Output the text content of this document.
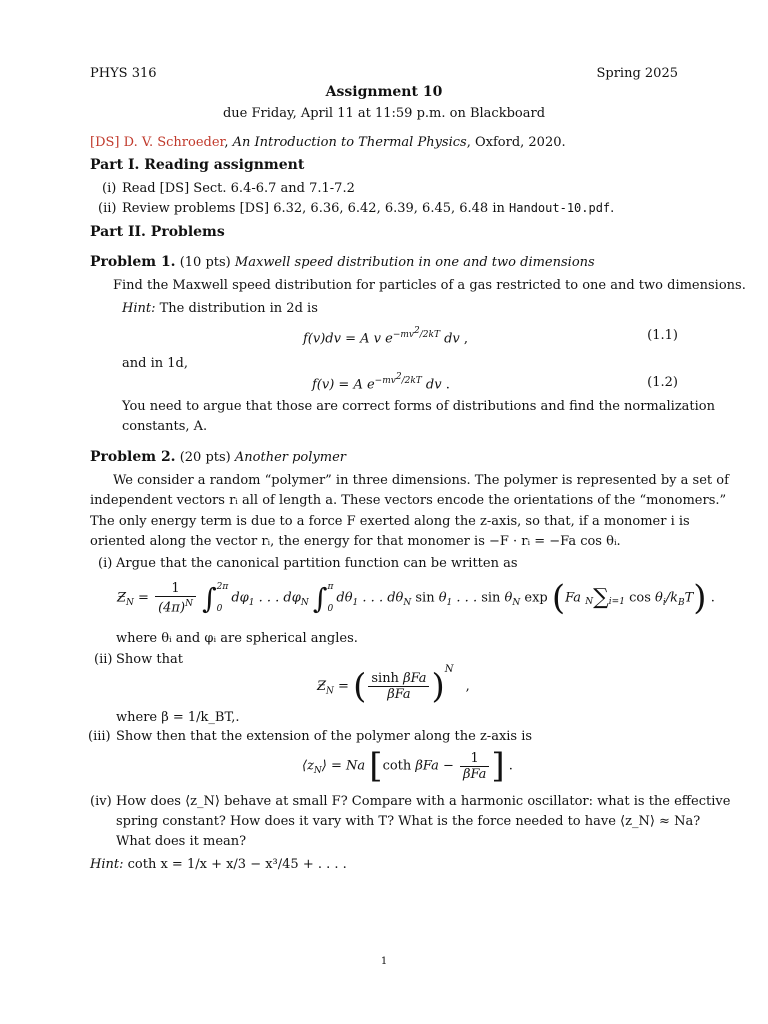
PHYS 316	Spring 2025
Assignment 10
due Friday, April 11 at 11:59 p.m. on Blackboard
[DS] D. V. Schroeder, An Introduction to Thermal Physics, Oxford, 2020.
Part I. Reading assignment
(i) Read [DS] Sect. 6.4-6.7 and 7.1-7.2
(ii) Review problems [DS] 6.32, 6.36, 6.42, 6.39, 6.45, 6.48 in Handout-10.pdf.
Part II. Problems
Problem 1. (10 pts) Maxwell speed distribution in one and two dimensions
Find the Maxwell speed distribution for particles of a gas restricted to one and two dimensions.
Hint: The distribution in 2d is
f(v)dv = A v $e^{-mv^2/2kT}$ dv ,	(1.1)
and in 1d,
f(v) = A $e^{-mv^2/2kT}$ dv .	(1.2)
You need to argue that those are correct forms of distributions and find the normalization
constants, A.
Problem 2. (20 pts) Another polymer
We consider a random “polymer” in three dimensions. The polymer is represented by a set of
independent vectors rᵢ all of length a. These vectors encode the orientations of the “monomers.”
The only energy term is due to a force F exerted along the z-axis, so that, if a monomer i is
oriented along the vector rᵢ, the energy for that monomer is −F · rᵢ = −Fa cos θᵢ.
(i) Argue that the canonical partition function can be written as
$Ƶ_N = \frac{1}{(4\pi)^N} \int 2\pi$

$0d\varphi_1$ . . . $d\varphi_N$ ∫π

$0d\theta_1$ . . . $d\theta_N$ $\sin \theta_1$ . . . $\sin \theta_N$ exp (Fa N∑i=1 $\cos \theta_i/k_BT$) .
where θᵢ and φᵢ are spherical angles.
(ii) Show that
$Ƶ_N$ = ( $\frac{\text{sinh βFa}}{\text{βFa}} )^N$ ,
where β = 1/k_BT,.
(iii) Show then that the extension of the polymer along the z-axis is
$⟨z_N⟩ = Na$ [coth $\beta Fa - \frac{1}{\text{βFa}}$ ] .
(iv) How does ⟨z_N⟩ behave at small F? Compare with a harmonic oscillator: what is the effective
spring constant? How does it vary with T? What is the force needed to have ⟨z_N⟩ ≈ Na?
What does it mean?
Hint: coth x = 1/x + x/3 − x³/45 + . . . .
1
